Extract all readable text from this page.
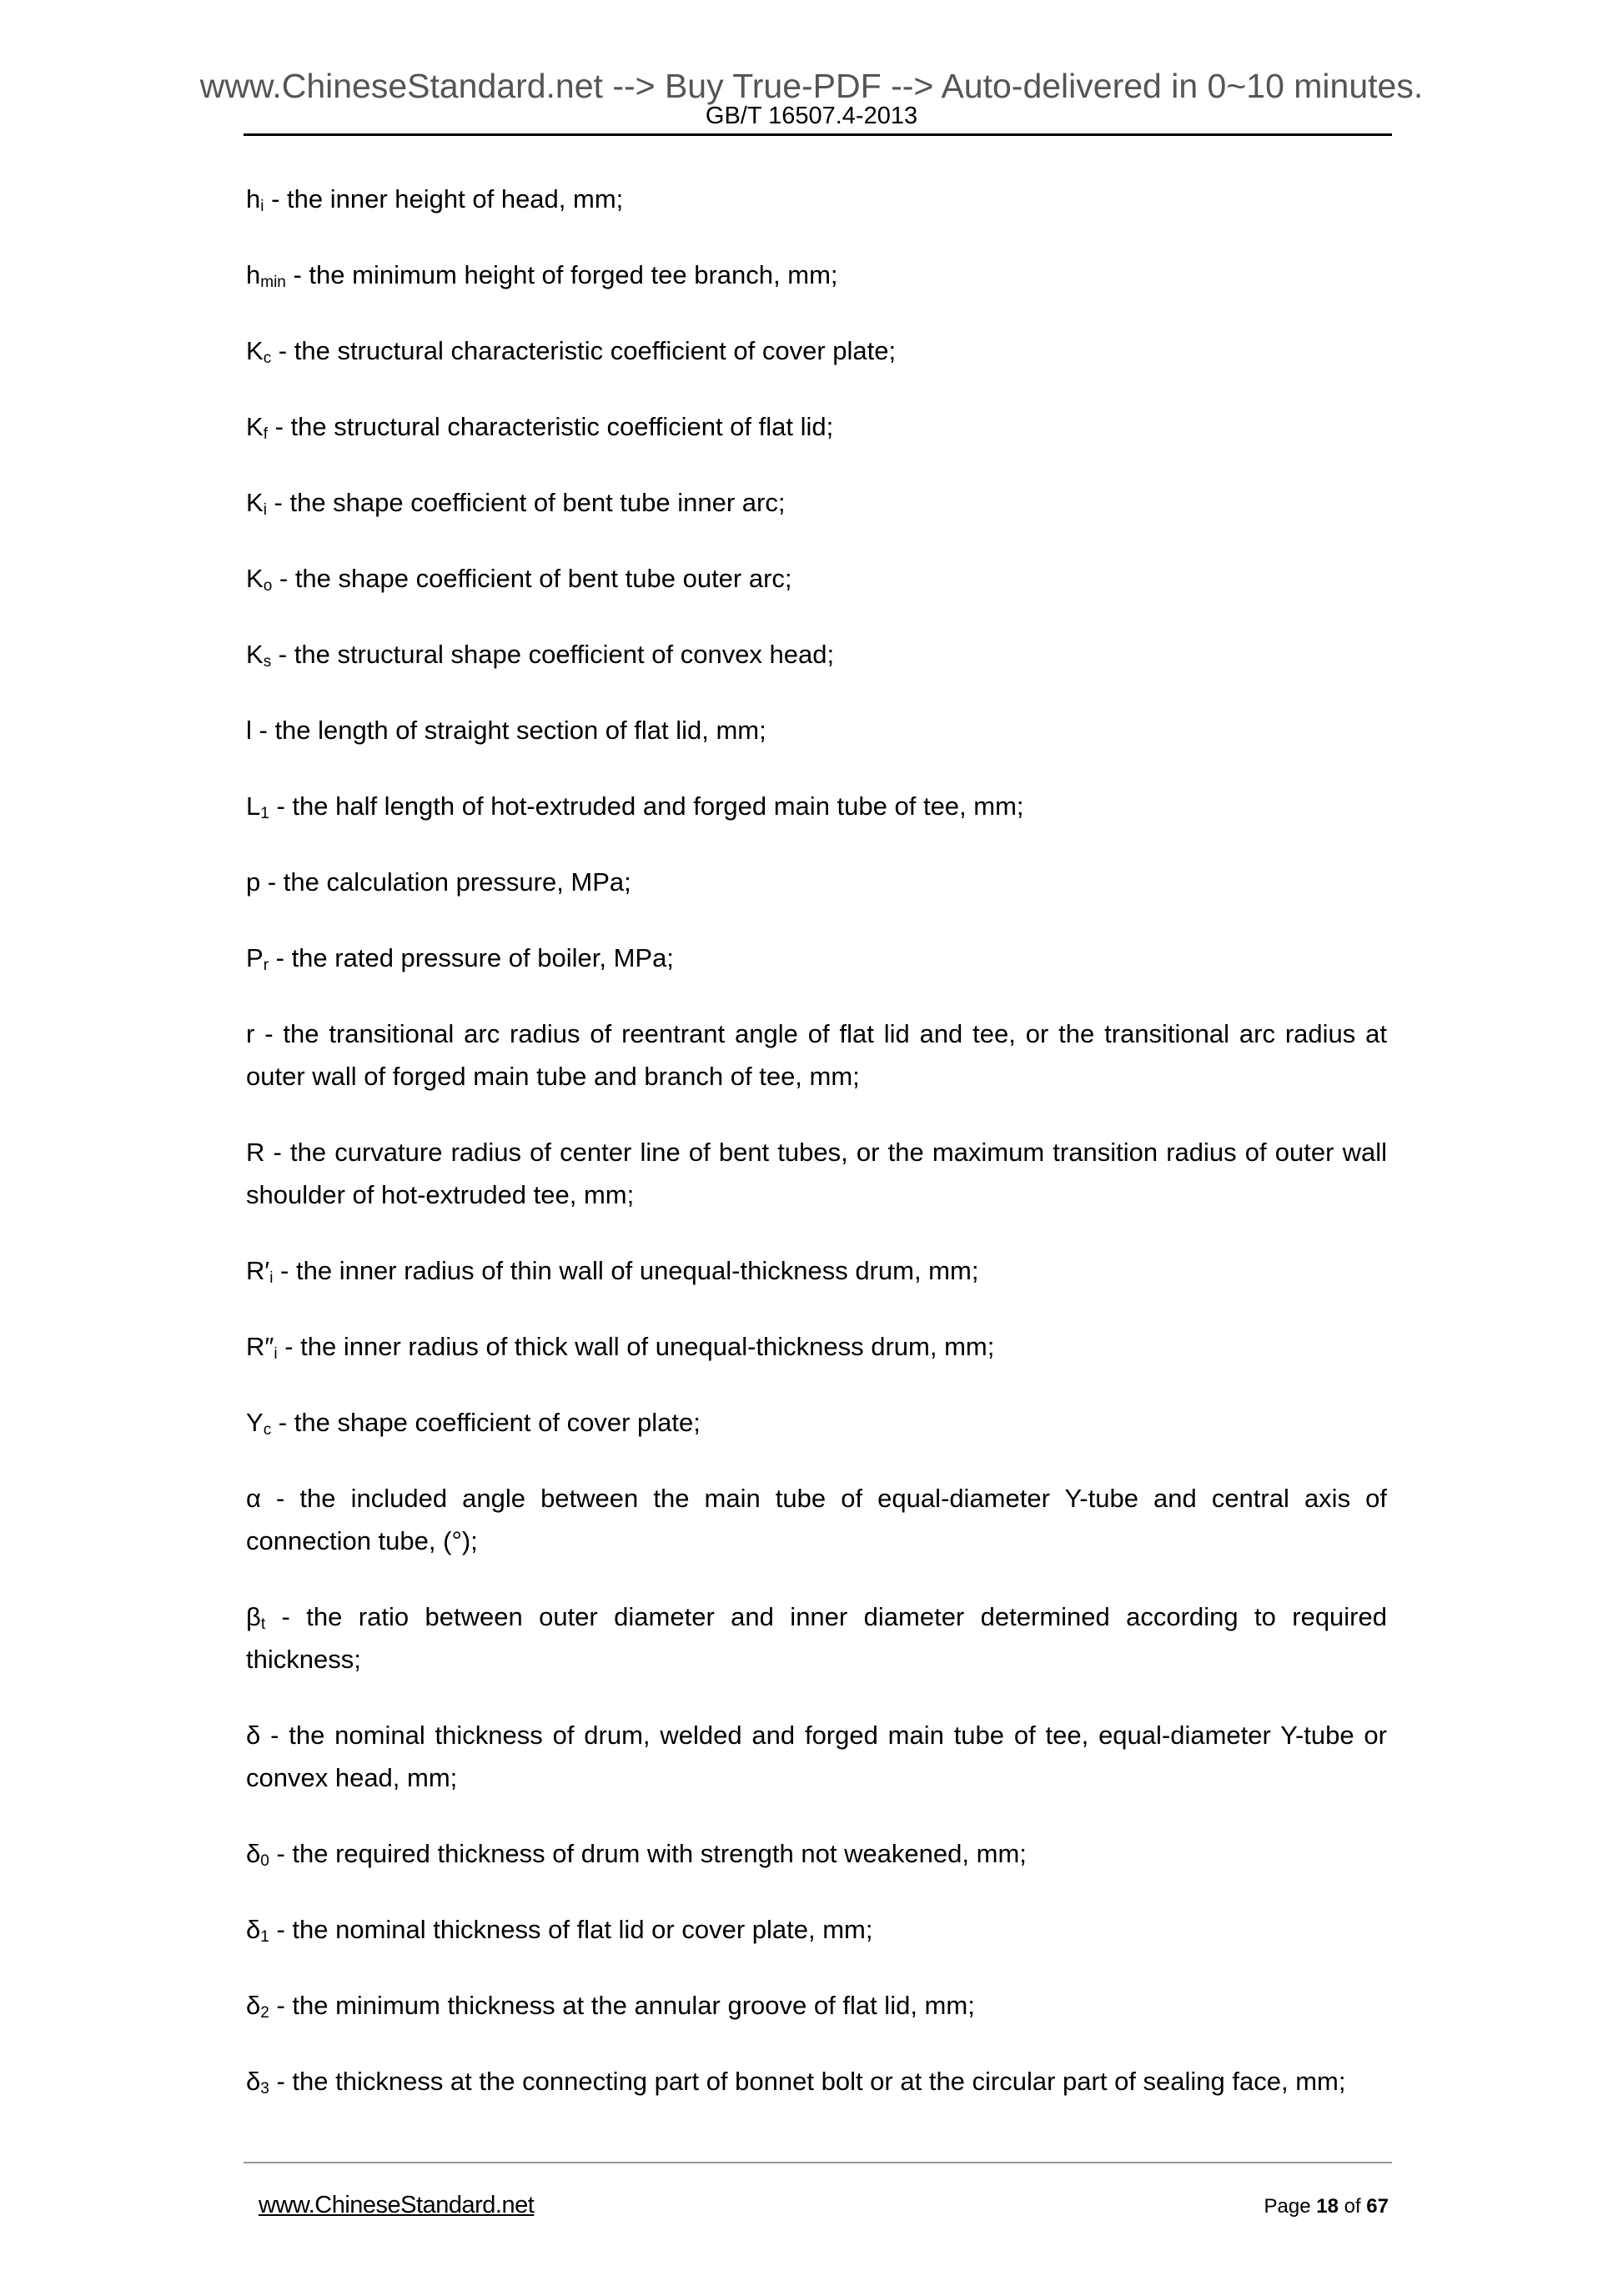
www.ChineseStandard.net --> Buy True-PDF --> Auto-delivered in 0~10 minutes.
GB/T 16507.4-2013

$h_i$ - the inner height of head, mm;

$h_{min}$ - the minimum height of forged tee branch, mm;

$K_c$ - the structural characteristic coefficient of cover plate;

$K_f$ - the structural characteristic coefficient of flat lid;

$K_i$ - the shape coefficient of bent tube inner arc;

$K_o$ - the shape coefficient of bent tube outer arc;

$K_s$ - the structural shape coefficient of convex head;

l - the length of straight section of flat lid, mm;

$L_1$ - the half length of hot-extruded and forged main tube of tee, mm;

p - the calculation pressure, MPa;

$P_r$ - the rated pressure of boiler, MPa;

r - the transitional arc radius of reentrant angle of flat lid and tee, or the transitional arc radius at outer wall of forged main tube and branch of tee, mm;

R - the curvature radius of center line of bent tubes, or the maximum transition radius of outer wall shoulder of hot-extruded tee, mm;

$R'_i$ - the inner radius of thin wall of unequal-thickness drum, mm;

$R''_i$ - the inner radius of thick wall of unequal-thickness drum, mm;

$Y_c$ - the shape coefficient of cover plate;

α - the included angle between the main tube of equal-diameter Y-tube and central axis of connection tube, (°);

$\beta_t$ - the ratio between outer diameter and inner diameter determined according to required thickness;

δ - the nominal thickness of drum, welded and forged main tube of tee, equal-diameter Y-tube or convex head, mm;

$\delta_0$ - the required thickness of drum with strength not weakened, mm;

$\delta_1$ - the nominal thickness of flat lid or cover plate, mm;

$\delta_2$ - the minimum thickness at the annular groove of flat lid, mm;

$\delta_3$ - the thickness at the connecting part of bonnet bolt or at the circular part of sealing face, mm;

www.ChineseStandard.net	Page 18 of 67
